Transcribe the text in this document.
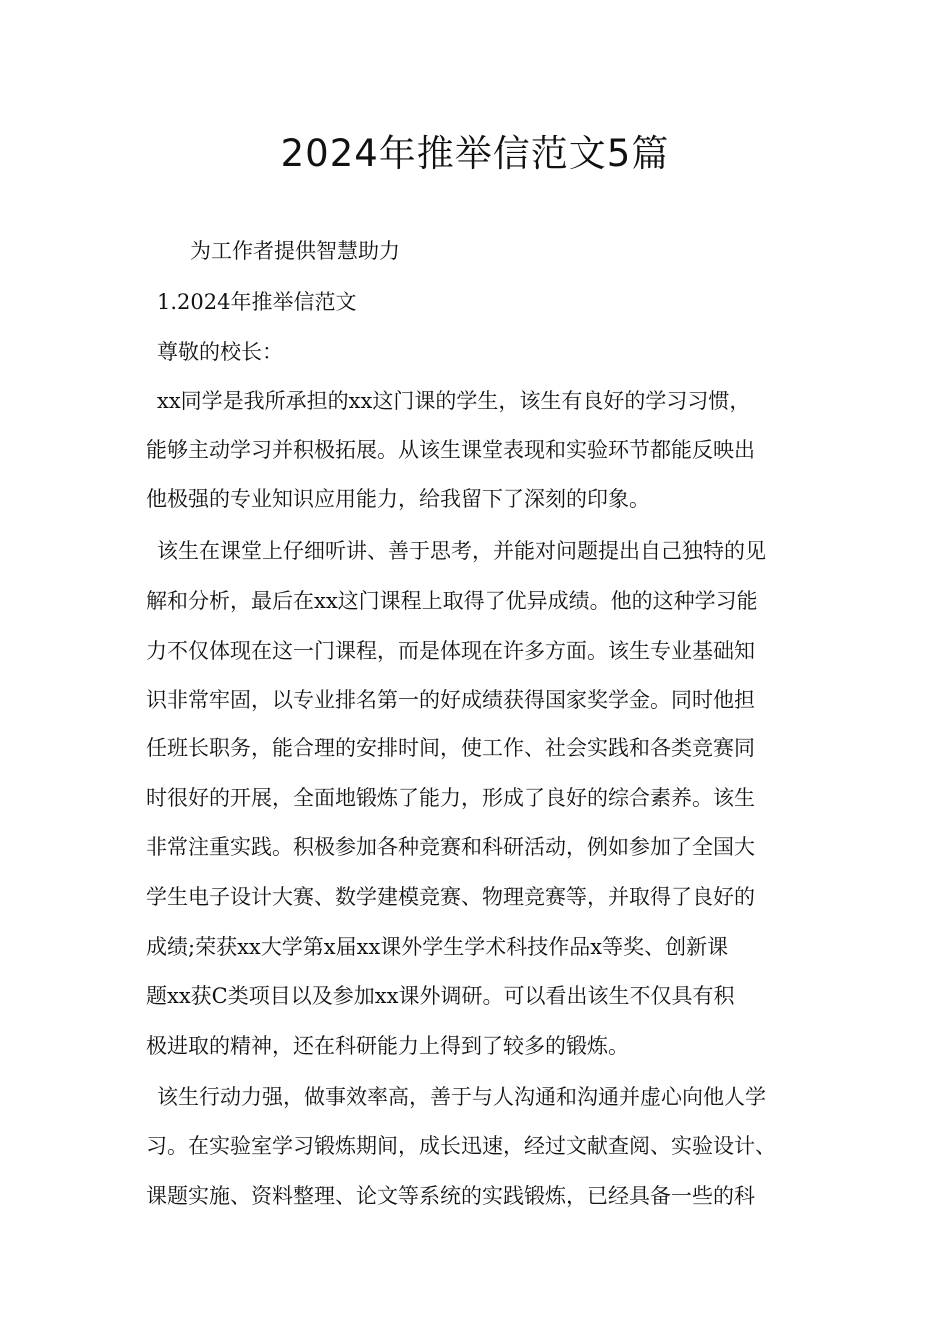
2024年推举信范文5篇
为工作者提供智慧助力
1.2024年推举信范文
尊敬的校长：
xx同学是我所承担的xx这门课的学生，该生有良好的学习习惯，
能够主动学习并积极拓展。从该生课堂表现和实验环节都能反映出
他极强的专业知识应用能力，给我留下了深刻的印象。
该生在课堂上仔细听讲、善于思考，并能对问题提出自己独特的见
解和分析，最后在xx这门课程上取得了优异成绩。他的这种学习能
力不仅体现在这一门课程，而是体现在许多方面。该生专业基础知
识非常牢固，以专业排名第一的好成绩获得国家奖学金。同时他担
任班长职务，能合理的安排时间，使工作、社会实践和各类竞赛同
时很好的开展，全面地锻炼了能力，形成了良好的综合素养。该生
非常注重实践。积极参加各种竞赛和科研活动，例如参加了全国大
学生电子设计大赛、数学建模竞赛、物理竞赛等，并取得了良好的
成绩;荣获xx大学第x届xx课外学生学术科技作品x等奖、创新课
题xx获C类项目以及参加xx课外调研。可以看出该生不仅具有积
极进取的精神，还在科研能力上得到了较多的锻炼。
该生行动力强，做事效率高，善于与人沟通和沟通并虚心向他人学
习。在实验室学习锻炼期间，成长迅速，经过文献查阅、实验设计、
课题实施、资料整理、论文等系统的实践锻炼，已经具备一些的科
